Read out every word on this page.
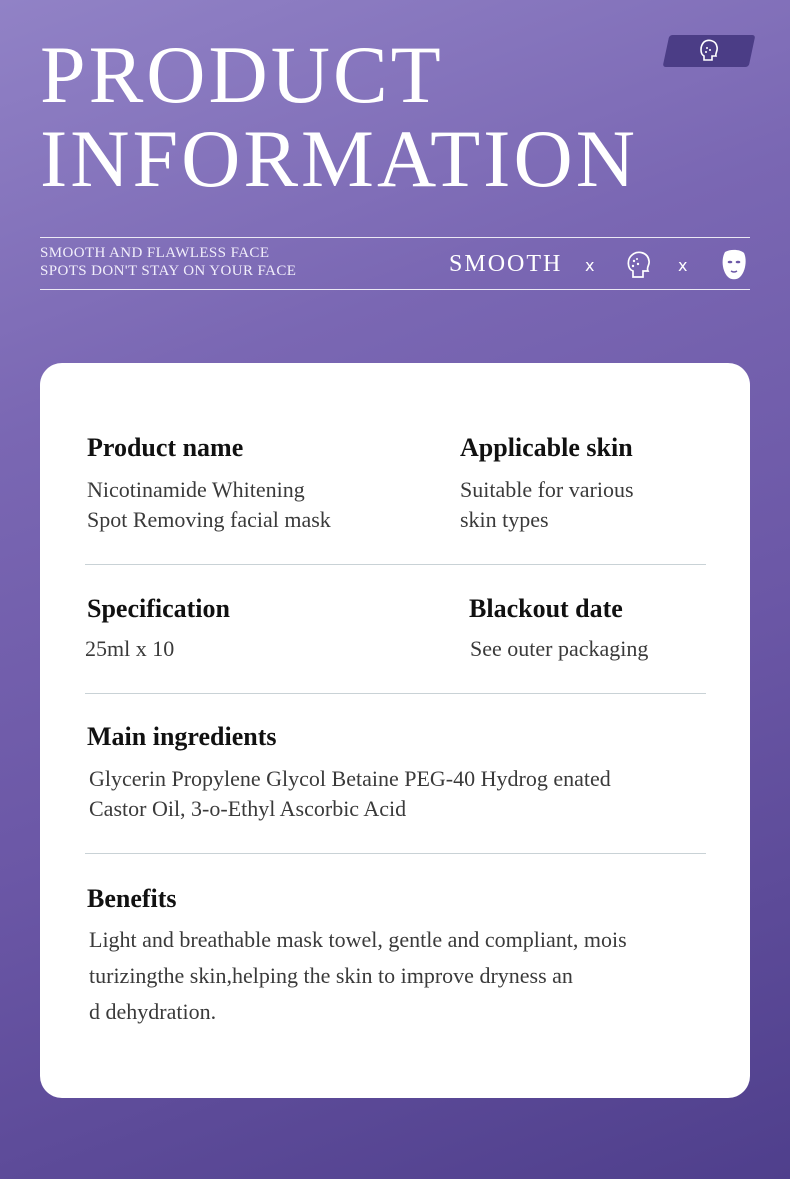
PRODUCT
INFORMATION
SMOOTH AND FLAWLESS FACE
SPOTS DON'T STAY ON YOUR FACE	SMOOTH x	x
Product name

Nicotinamide Whitening

Spot Removing facial mask

Applicable skin

Suitable for various

skin types

Specification

25ml x 10

Blackout date

See outer packaging

Main ingredients

Glycerin Propylene Glycol Betaine PEG-40 Hydrog enated

Castor Oil, 3-o-Ethyl Ascorbic Acid

Benefits

Light and breathable mask towel, gentle and compliant, mois

turizingthe skin,helping the skin to improve dryness an

d dehydration.
